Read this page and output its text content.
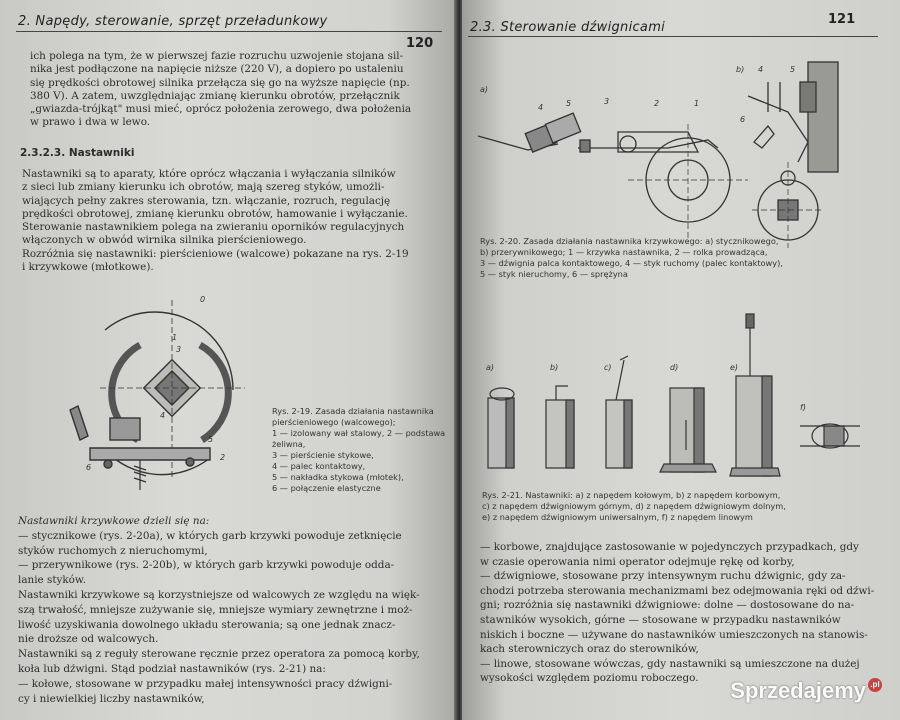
2. Napędy, sterowanie, sprzęt przeładunkowy
120

ich polega na tym, że w pierwszej fazie rozruchu uzwojenie stojana sil-

nika jest podłączone na napięcie niższe (220 V), a dopiero po ustaleniu

się prędkości obrotowej silnika przełącza się go na wyższe napięcie (np.

380 V). A zatem, uwzględniając zmianę kierunku obrotów, przełącznik

„gwiazda-trójkąt" musi mieć, oprócz położenia zerowego, dwa położenia

w prawo i dwa w lewo.

2.3.2.3. Nastawniki

Nastawniki są to aparaty, które oprócz włączania i wyłączania silników

z sieci lub zmiany kierunku ich obrotów, mają szereg styków, umożli-

wiających pełny zakres sterowania, tzn. włączanie, rozruch, regulację

prędkości obrotowej, zmianę kierunku obrotów, hamowanie i wyłączanie.

Sterowanie nastawnikiem polega na zwieraniu oporników regulacyjnych

włączonych w obwód wirnika silnika pierścieniowego.

Rozróżnia się nastawniki: pierścieniowe (walcowe) pokazane na rys. 2-19

i krzywkowe (młotkowe).

0
1
3
4
5
6
2
Rys. 2-19. Zasada działania nastawnika pierścieniowego (walcowego);
1 — izolowany wał stalowy, 2 — podstawa żeliwna,
3 — pierścienie stykowe,
4 — palec kontaktowy,
5 — nakładka stykowa (młotek),
6 — połączenie elastyczne

Nastawniki krzywkowe dzieli się na:

— stycznikowe (rys. 2-20a), w których garb krzywki powoduje zetknięcie

styków ruchomych z nieruchomymi,

— przerywnikowe (rys. 2-20b), w których garb krzywki powoduje odda-

lanie styków.

Nastawniki krzywkowe są korzystniejsze od walcowych ze względu na więk-

szą trwałość, mniejsze zużywanie się, mniejsze wymiary zewnętrzne i moż-

liwość uzyskiwania dowolnego układu sterowania; są one jednak znacz-

nie droższe od walcowych.

Nastawniki są z reguły sterowane ręcznie przez operatora za pomocą korby,

koła lub dźwigni. Stąd podział nastawników (rys. 2-21) na:

— kołowe, stosowane w przypadku małej intensywności pracy dźwigni-

cy i niewielkiej liczby nastawników,

2.3. Sterowanie dźwignicami
121
a)
b)
3
4	5	1
2
4	5
6
Rys. 2-20. Zasada działania nastawnika krzywkowego: a) stycznikowego,
b) przerywnikowego; 1 — krzywka nastawnika, 2 — rolka prowadząca,
3 — dźwignia palca kontaktowego, 4 — styk ruchomy (palec kontaktowy),
5 — styk nieruchomy, 6 — sprężyna
a)	b)	c)	d)	e)
f)
Rys. 2-21. Nastawniki: a) z napędem kołowym, b) z napędem korbowym,
c) z napędem dźwigniowym górnym, d) z napędem dźwigniowym dolnym,
e) z napędem dźwigniowym uniwersalnym, f) z napędem linowym

— korbowe, znajdujące zastosowanie w pojedynczych przypadkach, gdy

w czasie operowania nimi operator odejmuje rękę od korby,

— dźwigniowe, stosowane przy intensywnym ruchu dźwignic, gdy za-

chodzi potrzeba sterowania mechanizmami bez odejmowania ręki od dźwi-

gni; rozróżnia się nastawniki dźwigniowe: dolne — dostosowane do na-

stawników wysokich, górne — stosowane w przypadku nastawników

niskich i boczne — używane do nastawników umieszczonych na stanowis-

kach sterowniczych oraz do sterowników,

— linowe, stosowane wówczas, gdy nastawniki są umieszczone na dużej

wysokości względem poziomu roboczego.	Sprzedajemy .pl
